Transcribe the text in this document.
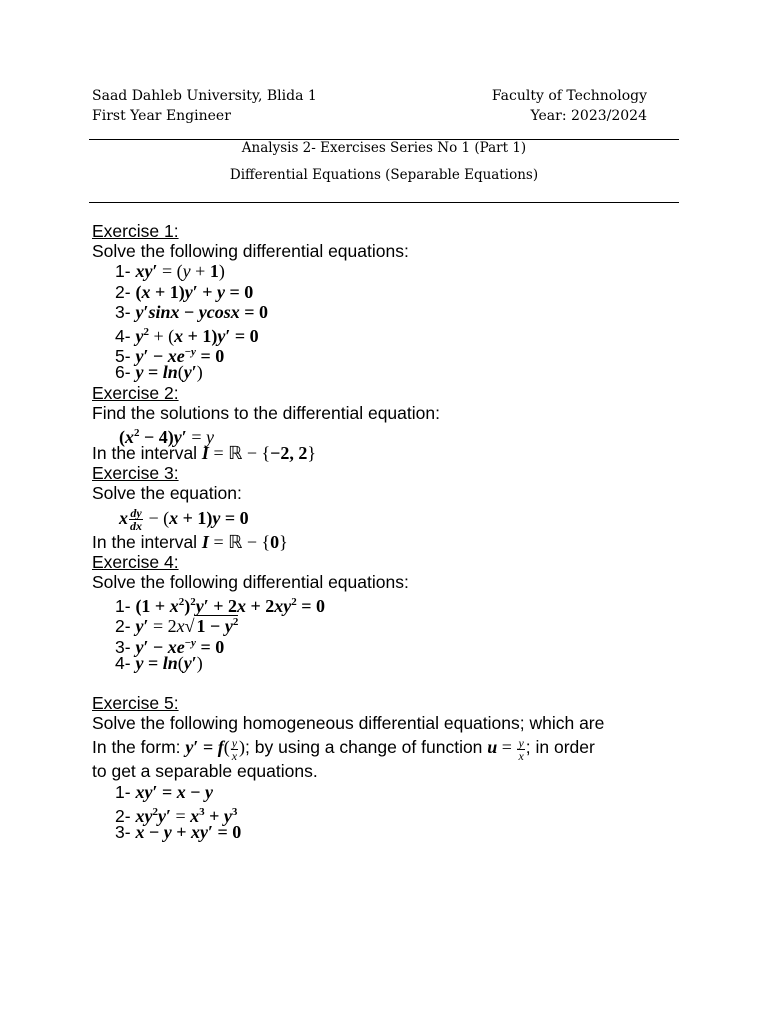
Saad Dahleb University, Blida 1
First Year Engineer
Faculty of Technology
Year: 2023/2024
Analysis 2- Exercises Series No 1 (Part 1)
Differential Equations (Separable Equations)
Exercise 1:
Solve the following differential equations:
1- xy′ = (y + 1)
2- (x + 1)y′ + y = 0
3- y′sinx − ycosx = 0
4- $y^2 + (x + 1)y' = 0$
5- $y' - xe^{-y} = 0$
6- y = ln(y′)
Exercise 2:
Find the solutions to the differential equation:
$(x^2 - 4)y' = y$
In the interval I = ℝ − {−2, 2}
Exercise 3:
Solve the equation:
x dy
dx − (x + 1)y = 0
In the interval I = ℝ − {0}
Exercise 4:
Solve the following differential equations:
1- $(1 + x^2)^2y' + 2x + 2xy^2 = 0$
2- y′ = 2x√ $1 - y^2$
3- $y' - xe^{-y} = 0$
4- y = ln(y′)
Exercise 5:
Solve the following homogeneous differential equations; which are
In the form: $y' = f( \frac{y}{x}$ ); by using a change of function $u = \frac{y}{x}$ ; in order
to get a separable equations.
1- xy′ = x − y
2- $xy^2y' = x^3 + y^3$
3- x − y + xy′ = 0
